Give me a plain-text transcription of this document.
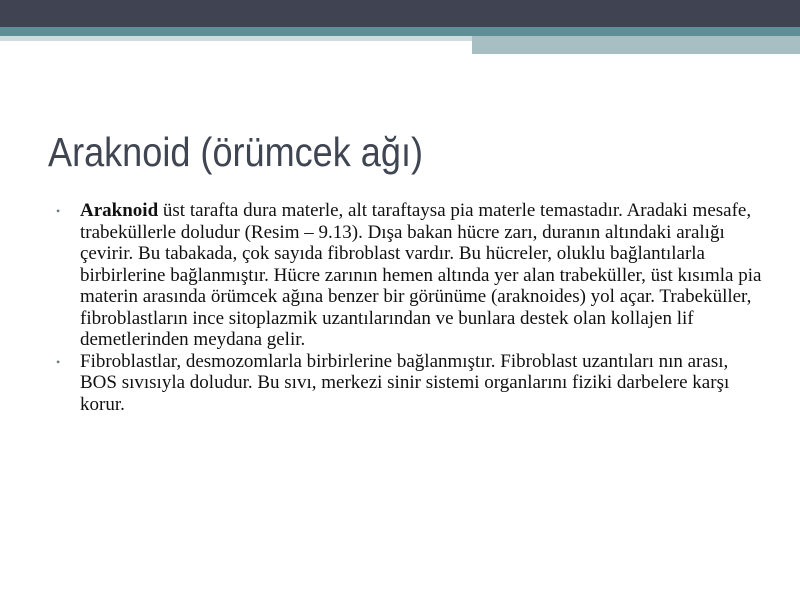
Araknoid (örümcek ağı)
• Araknoid üst tarafta dura materle, alt taraftaysa pia materle temastadır. Aradaki mesafe, trabeküllerle doludur (Resim – 9.13). Dışa bakan hücre zarı, duranın altındaki aralığı çevirir. Bu tabakada, çok sayıda fibroblast vardır. Bu hücreler, oluklu bağlantılarla birbirlerine bağlanmıştır. Hücre zarının hemen altında yer alan trabeküller, üst kısımla pia materin arasında örümcek ağına benzer bir görünüme (araknoides) yol açar. Trabeküller, fibroblastların ince sitoplazmik uzantılarından ve bunlara destek olan kollajen lif demetlerinden meydana gelir.
• Fibroblastlar, desmozomlarla birbirlerine bağlanmıştır. Fibroblast uzantıları nın arası, BOS sıvısıyla doludur. Bu sıvı, merkezi sinir sistemi organlarını fiziki darbelere karşı korur.
